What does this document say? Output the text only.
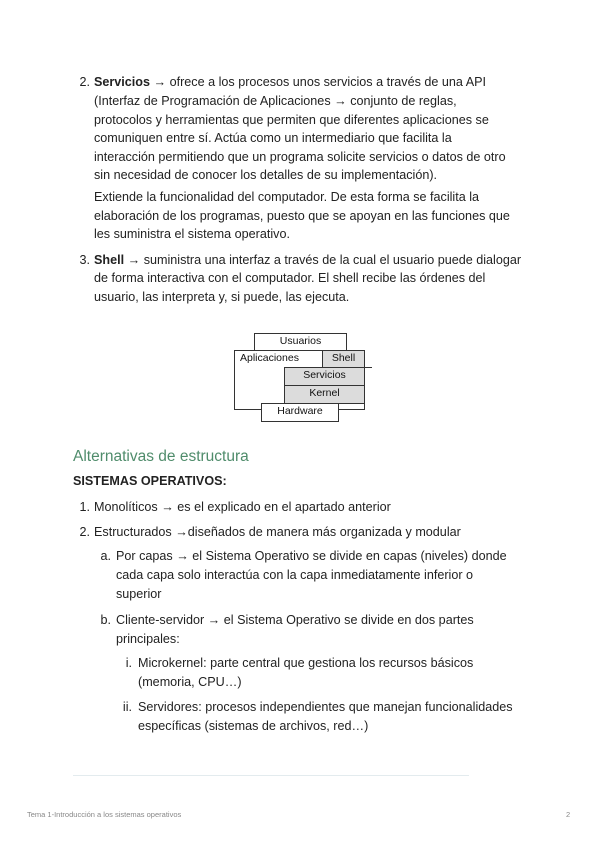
2. Servicios → ofrece a los procesos unos servicios a través de una API
(Interfaz de Programación de Aplicaciones → conjunto de reglas,
protocolos y herramientas que permiten que diferentes aplicaciones se
comuniquen entre sí. Actúa como un intermediario que facilita la
interacción permitiendo que un programa solicite servicios o datos de otro
sin necesidad de conocer los detalles de su implementación).
Extiende la funcionalidad del computador. De esta forma se facilita la
elaboración de los programas, puesto que se apoyan en las funciones que
les suministra el sistema operativo.
3. Shell → suministra una interfaz a través de la cual el usuario puede dialogar
de forma interactiva con el computador. El shell recibe las órdenes del
usuario, las interpreta y, si puede, las ejecuta.
Usuarios
Aplicaciones	Shell
Servicios
Kernel
Hardware
Alternativas de estructura
SISTEMAS OPERATIVOS:
1. Monolíticos → es el explicado en el apartado anterior
2. Estructurados →diseñados de manera más organizada y modular
a. Por capas → el Sistema Operativo se divide en capas (niveles) donde
cada capa solo interactúa con la capa inmediatamente inferior o
superior
b. Cliente-servidor → el Sistema Operativo se divide en dos partes
principales:
i. Microkernel: parte central que gestiona los recursos básicos
(memoria, CPU…)
ii. Servidores: procesos independientes que manejan funcionalidades
específicas (sistemas de archivos, red…)
Tema 1-Introducción a los sistemas operativos	2
